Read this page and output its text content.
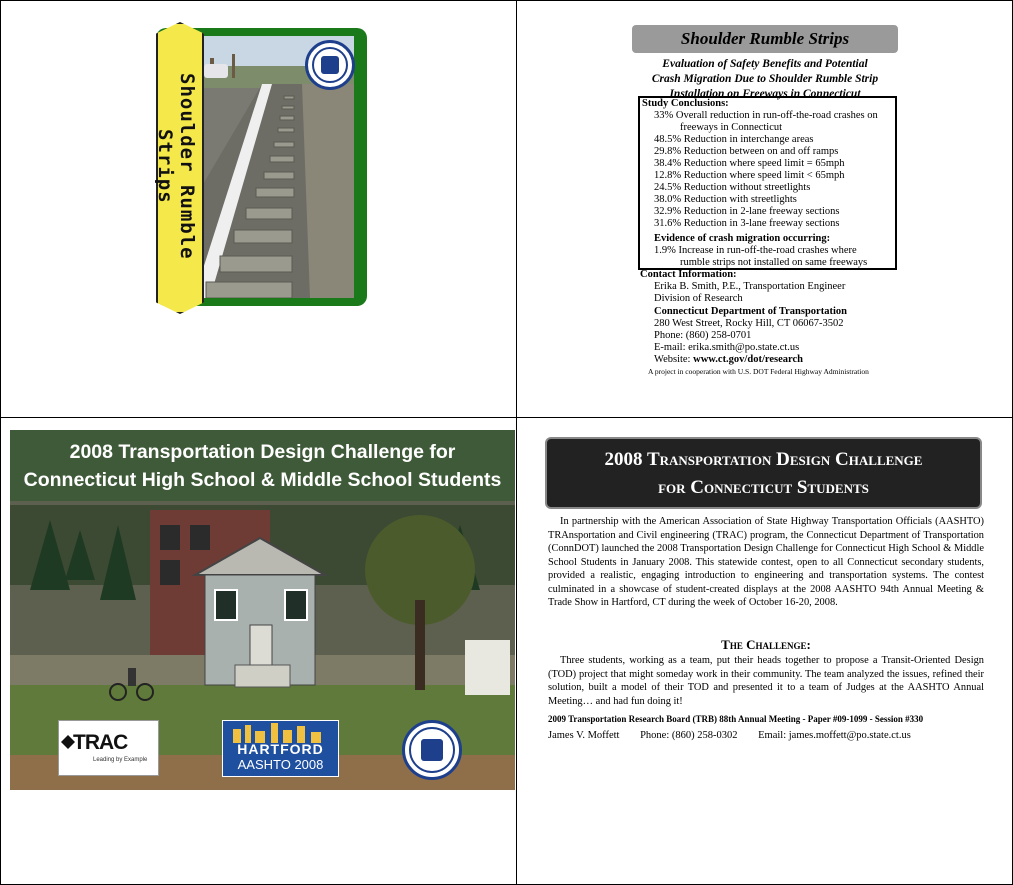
Shoulder Rumble Strips
Shoulder Rumble Strips
Evaluation of Safety Benefits and Potential
Crash Migration Due to Shoulder Rumble Strip
Installation on Freeways in Connecticut
Study Conclusions:
33% Overall reduction in run-off-the-road crashes on
freeways in Connecticut
48.5% Reduction in interchange areas
29.8% Reduction between on and off ramps
38.4% Reduction where speed limit = 65mph
12.8% Reduction where speed limit < 65mph
24.5% Reduction without streetlights
38.0% Reduction with streetlights
32.9% Reduction in 2-lane freeway sections
31.6% Reduction in 3-lane freeway sections
Evidence of crash migration occurring:
1.9% Increase in run-off-the-road crashes where
rumble strips not installed on same freeways
Contact Information:
Erika B. Smith, P.E., Transportation Engineer
Division of Research
Connecticut Department of Transportation
280 West Street, Rocky Hill, CT 06067-3502
Phone: (860) 258-0701
E-mail: erika.smith@po.state.ct.us
Website: www.ct.gov/dot/research
A project in cooperation with U.S. DOT Federal Highway Administration
2008 Transportation Design Challenge for
Connecticut High School & Middle School Students
TRAC
Leading by Example
HARTFORD
AASHTO 2008
2008 Transportation Design Challenge
for Connecticut Students

In partnership with the American Association of State Highway Transportation Officials (AASHTO) TRAnsportation and Civil engineering (TRAC) program, the Connecticut Department of Transportation (ConnDOT) launched the 2008 Transportation Design Challenge for Connecticut High School & Middle School Students in January 2008. This statewide contest, open to all Connecticut secondary students, provided a realistic, engaging introduction to engineering and transportation systems. The contest culminated in a showcase of student-created displays at the 2008 AASHTO 94th Annual Meeting & Trade Show in Hartford, CT during the week of October 16-20, 2008.

The Challenge:

Three students, working as a team, put their heads together to propose a Transit-Oriented Design (TOD) project that might someday work in their community. The team analyzed the issues, refined their solution, built a model of their TOD and presented it to a team of Judges at the AASHTO Annual Meeting… and had fun doing it!

2009 Transportation Research Board (TRB) 88th Annual Meeting - Paper #09-1099 - Session #330
James V. Moffett Phone: (860) 258-0302 Email: james.moffett@po.state.ct.us
